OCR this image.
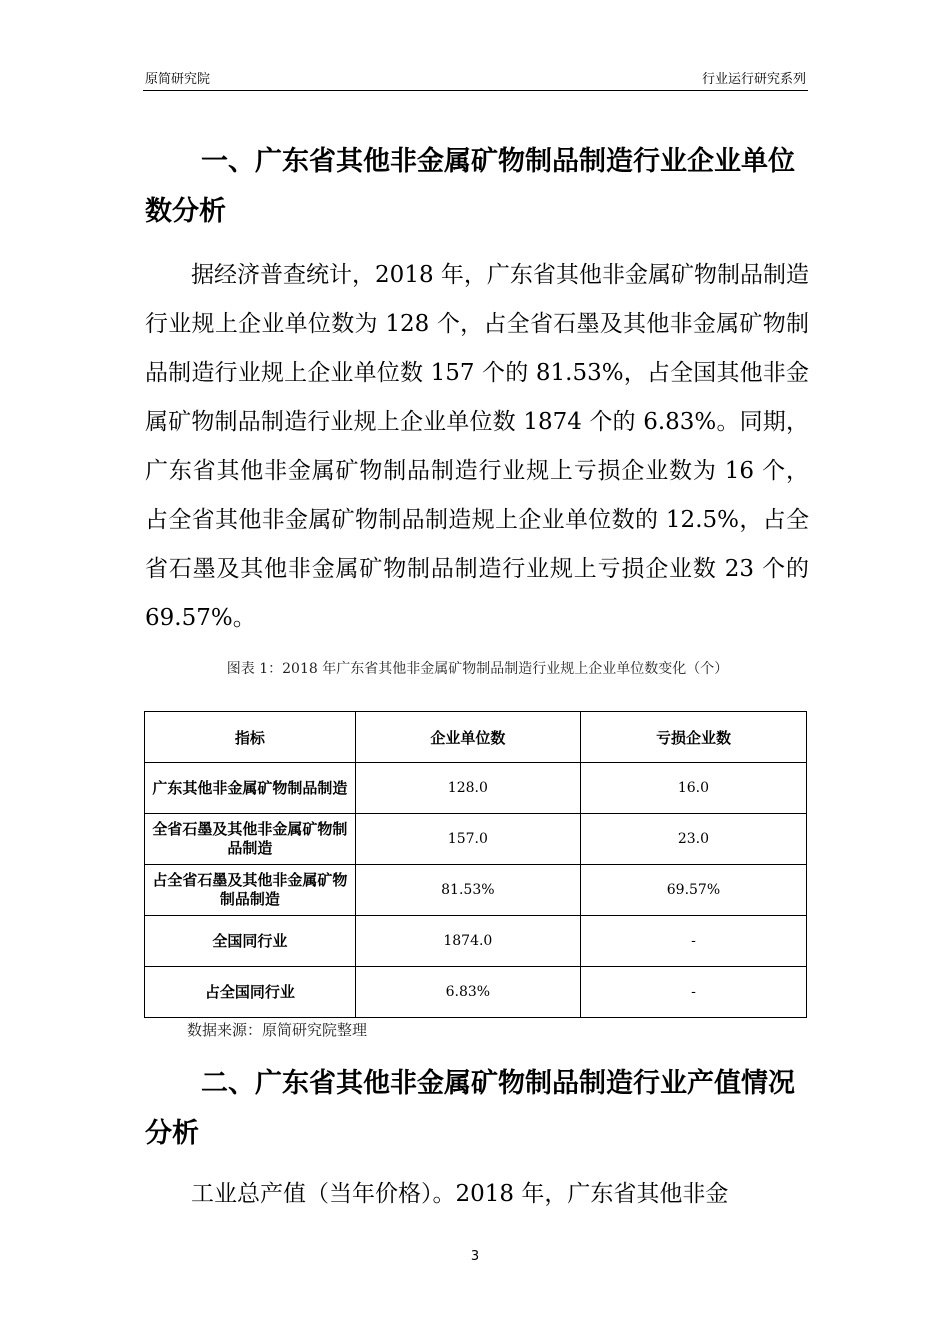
原简研究院	行业运行研究系列
一、广东省其他非金属矿物制品制造行业企业单位数分析

据经济普查统计，2018 年，广东省其他非金属矿物制品制造行业规上企业单位数为 128 个，占全省石墨及其他非金属矿物制品制造行业规上企业单位数 157 个的 81.53%，占全国其他非金属矿物制品制造行业规上企业单位数 1874 个的 6.83%。同期，广东省其他非金属矿物制品制造行业规上亏损企业数为 16 个，占全省其他非金属矿物制品制造规上企业单位数的 12.5%，占全省石墨及其他非金属矿物制品制造行业规上亏损企业数 23 个的 69.57%。

图表 1：2018 年广东省其他非金属矿物制品制造行业规上企业单位数变化（个）
指标	企业单位数	亏损企业数
广东其他非金属矿物制品制造	128.0	16.0
全省石墨及其他非金属矿物制品制造	157.0	23.0
占全省石墨及其他非金属矿物制品制造	81.53%	69.57%
全国同行业	1874.0	-
占全国同行业	6.83%	-
数据来源：原简研究院整理
二、广东省其他非金属矿物制品制造行业产值情况分析

工业总产值（当年价格）。2018 年，广东省其他非金

3
